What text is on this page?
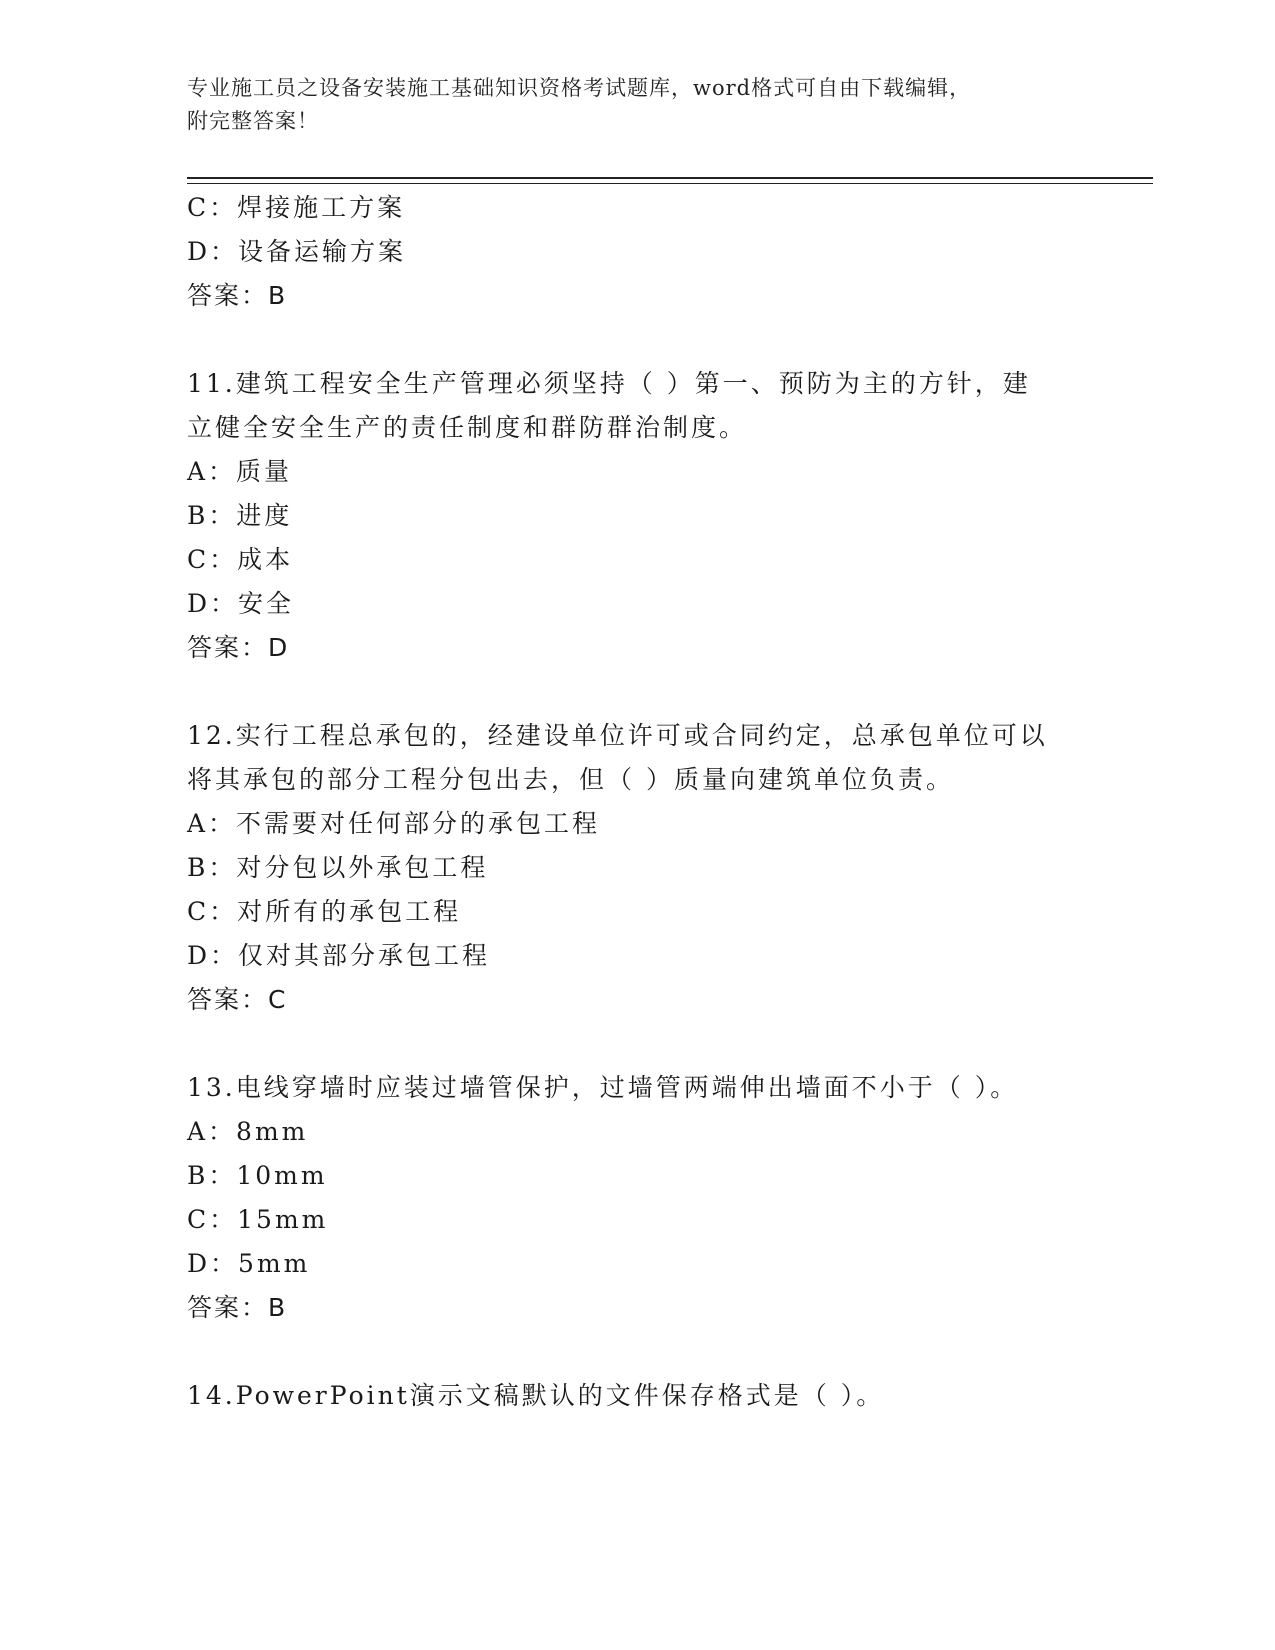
专业施工员之设备安装施工基础知识资格考试题库，word格式可自由下载编辑，
附完整答案！
C：焊接施工方案
D：设备运输方案
答案：B
11.建筑工程安全生产管理必须坚持（ ）第一、预防为主的方针，建
立健全安全生产的责任制度和群防群治制度。
A：质量
B：进度
C：成本
D：安全
答案：D
12.实行工程总承包的，经建设单位许可或合同约定，总承包单位可以
将其承包的部分工程分包出去，但（ ）质量向建筑单位负责。
A：不需要对任何部分的承包工程
B：对分包以外承包工程
C：对所有的承包工程
D：仅对其部分承包工程
答案：C
13.电线穿墙时应装过墙管保护，过墙管两端伸出墙面不小于（ ）。
A：8mm
B：10mm
C：15mm
D：5mm
答案：B
14.PowerPoint演示文稿默认的文件保存格式是（ ）。
